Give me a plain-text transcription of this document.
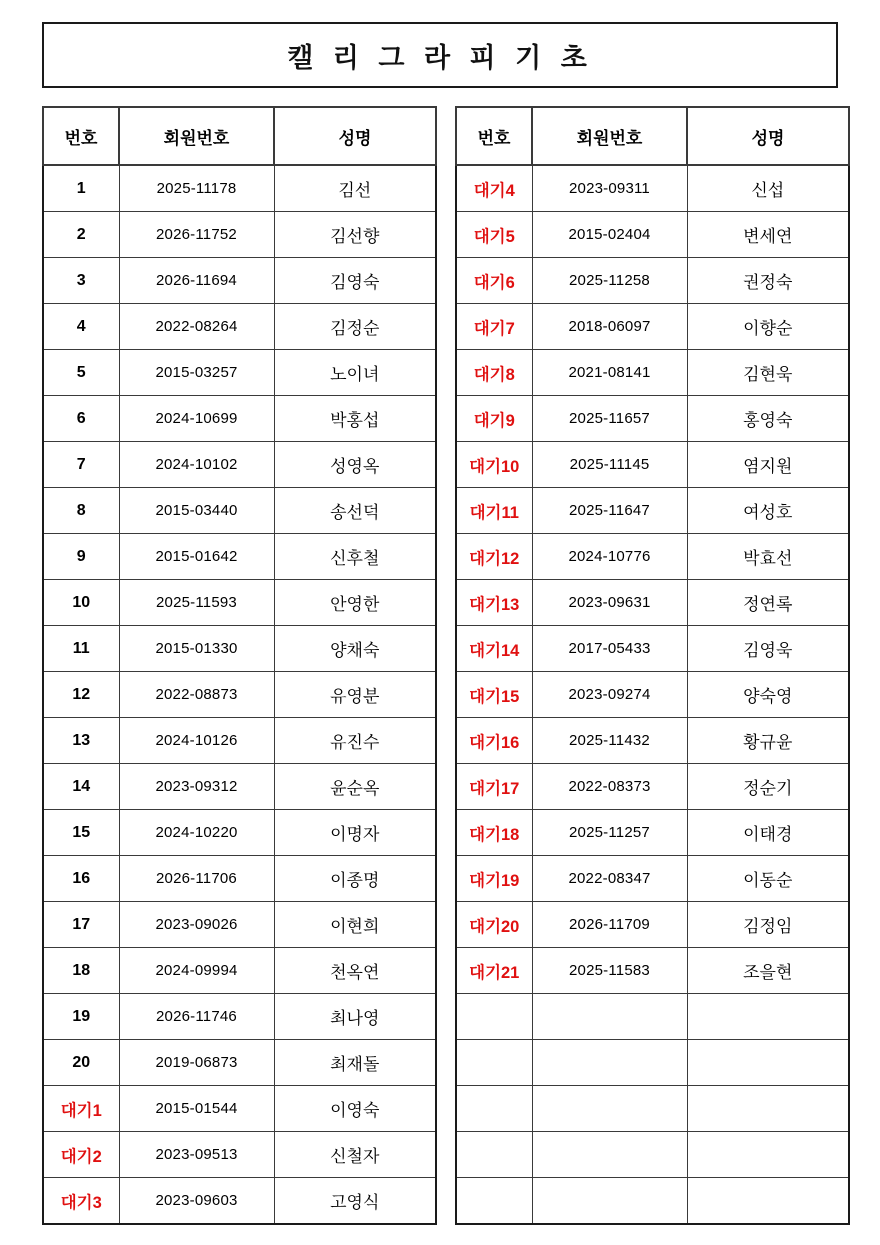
캘 리 그 라 피 기 초
번호	회원번호	성명
1	2025-11178	김선
2	2026-11752	김선향
3	2026-11694	김영숙
4	2022-08264	김정순
5	2015-03257	노이녀
6	2024-10699	박홍섭
7	2024-10102	성영옥
8	2015-03440	송선덕
9	2015-01642	신후철
10	2025-11593	안영한
11	2015-01330	양채숙
12	2022-08873	유영분
13	2024-10126	유진수
14	2023-09312	윤순옥
15	2024-10220	이명자
16	2026-11706	이종명
17	2023-09026	이현희
18	2024-09994	천옥연
19	2026-11746	최나영
20	2019-06873	최재돌
대기1	2015-01544	이영숙
대기2	2023-09513	신철자
대기3	2023-09603	고영식
번호	회원번호	성명
대기4	2023-09311	신섭
대기5	2015-02404	변세연
대기6	2025-11258	권정숙
대기7	2018-06097	이향순
대기8	2021-08141	김현욱
대기9	2025-11657	홍영숙
대기10	2025-11145	염지원
대기11	2025-11647	여성호
대기12	2024-10776	박효선
대기13	2023-09631	정연록
대기14	2017-05433	김영욱
대기15	2023-09274	양숙영
대기16	2025-11432	황규윤
대기17	2022-08373	정순기
대기18	2025-11257	이태경
대기19	2022-08347	이동순
대기20	2026-11709	김정임
대기21	2025-11583	조을현
